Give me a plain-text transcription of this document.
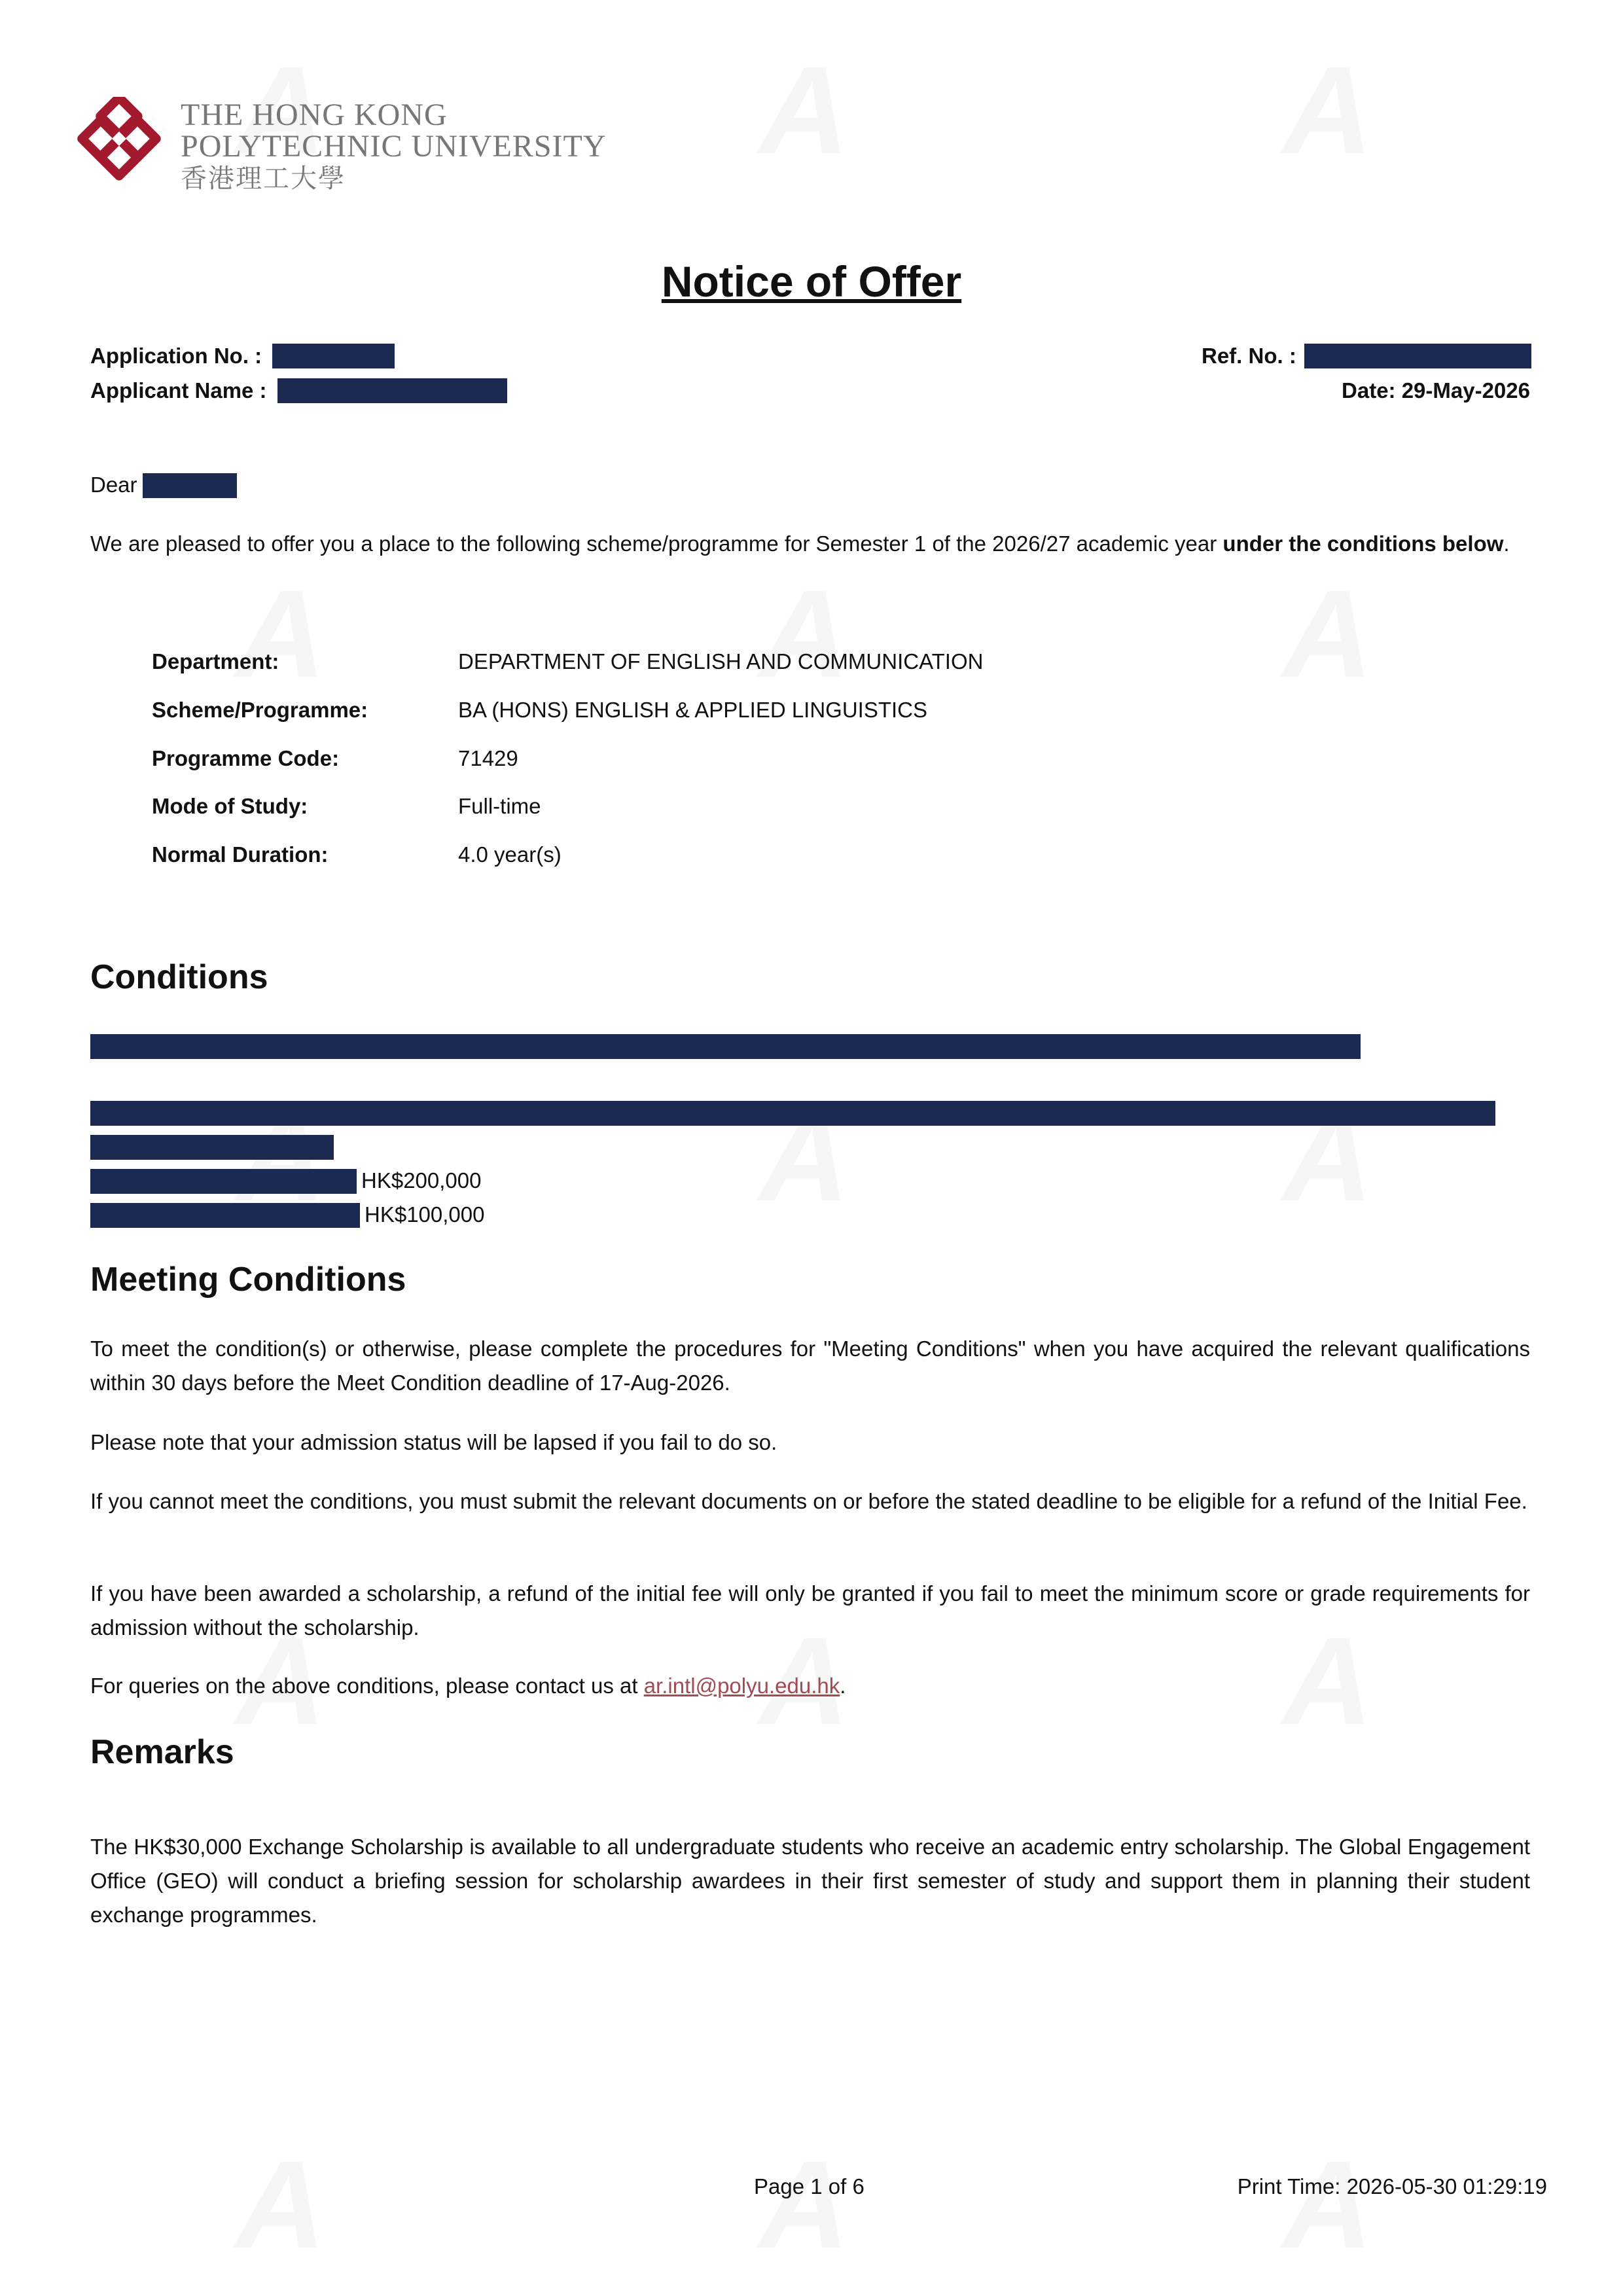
THE HONG KONG
POLYTECHNIC UNIVERSITY
香港理工大學
Notice of Offer
Application No. :
Applicant Name :
Ref. No. :
Date: 29-May-2026
Dear
We are pleased to offer you a place to the following scheme/programme for Semester 1 of the 2026/27 academic year under the conditions below.
Department:	DEPARTMENT OF ENGLISH AND COMMUNICATION
Scheme/Programme:	BA (HONS) ENGLISH & APPLIED LINGUISTICS
Programme Code:	71429
Mode of Study:	Full-time
Normal Duration:	4.0 year(s)
Conditions
HK$200,000
HK$100,000
Meeting Conditions
To meet the condition(s) or otherwise, please complete the procedures for "Meeting Conditions" when you have acquired the relevant qualifications within 30 days before the Meet Condition deadline of 17-Aug-2026.
Please note that your admission status will be lapsed if you fail to do so.
If you cannot meet the conditions, you must submit the relevant documents on or before the stated deadline to be eligible for a refund of the Initial Fee.
If you have been awarded a scholarship, a refund of the initial fee will only be granted if you fail to meet the minimum score or grade requirements for admission without the scholarship.
For queries on the above conditions, please contact us at ar.intl@polyu.edu.hk.
Remarks
The HK$30,000 Exchange Scholarship is available to all undergraduate students who receive an academic entry scholarship. The Global Engagement Office (GEO) will conduct a briefing session for scholarship awardees in their first semester of study and support them in planning their student exchange programmes.
Page 1 of 6	Print Time: 2026-05-30 01:29:19
